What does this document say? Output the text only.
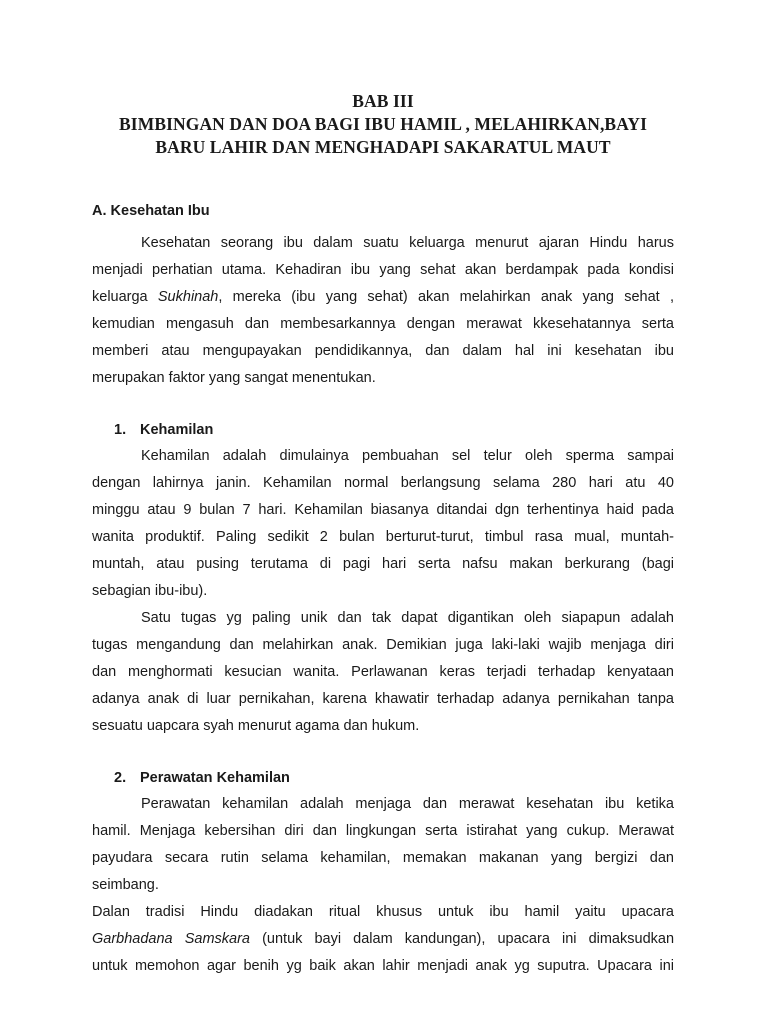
BAB III
BIMBINGAN DAN DOA BAGI IBU HAMIL , MELAHIRKAN,BAYI
BARU LAHIR DAN MENGHADAPI SAKARATUL MAUT
A. Kesehatan Ibu
Kesehatan seorang ibu dalam suatu keluarga menurut ajaran Hindu harus
menjadi perhatian utama. Kehadiran ibu yang sehat akan berdampak pada kondisi
keluarga Sukhinah, mereka (ibu yang sehat) akan melahirkan anak yang sehat ,
kemudian mengasuh dan membesarkannya dengan merawat kkesehatannya serta
memberi atau mengupayakan pendidikannya, dan dalam hal ini kesehatan ibu
merupakan faktor yang sangat menentukan.
1. Kehamilan
Kehamilan adalah dimulainya pembuahan sel telur oleh sperma sampai
dengan lahirnya janin. Kehamilan normal berlangsung selama 280 hari atu 40
minggu atau 9 bulan 7 hari. Kehamilan biasanya ditandai dgn terhentinya haid pada
wanita produktif. Paling sedikit 2 bulan berturut-turut, timbul rasa mual, muntah-
muntah, atau pusing terutama di pagi hari serta nafsu makan berkurang (bagi
sebagian ibu-ibu).
Satu tugas yg paling unik dan tak dapat digantikan oleh siapapun adalah
tugas mengandung dan melahirkan anak. Demikian juga laki-laki wajib menjaga diri
dan menghormati kesucian wanita. Perlawanan keras terjadi terhadap kenyataan
adanya anak di luar pernikahan, karena khawatir terhadap adanya pernikahan tanpa
sesuatu uapcara syah menurut agama dan hukum.
2. Perawatan Kehamilan
Perawatan kehamilan adalah menjaga dan merawat kesehatan ibu ketika
hamil. Menjaga kebersihan diri dan lingkungan serta istirahat yang cukup. Merawat
payudara secara rutin selama kehamilan, memakan makanan yang bergizi dan
seimbang.
Dalan tradisi Hindu diadakan ritual khusus untuk ibu hamil yaitu upacara
Garbhadana Samskara (untuk bayi dalam kandungan), upacara ini dimaksudkan
untuk memohon agar benih yg baik akan lahir menjadi anak yg suputra. Upacara ini
